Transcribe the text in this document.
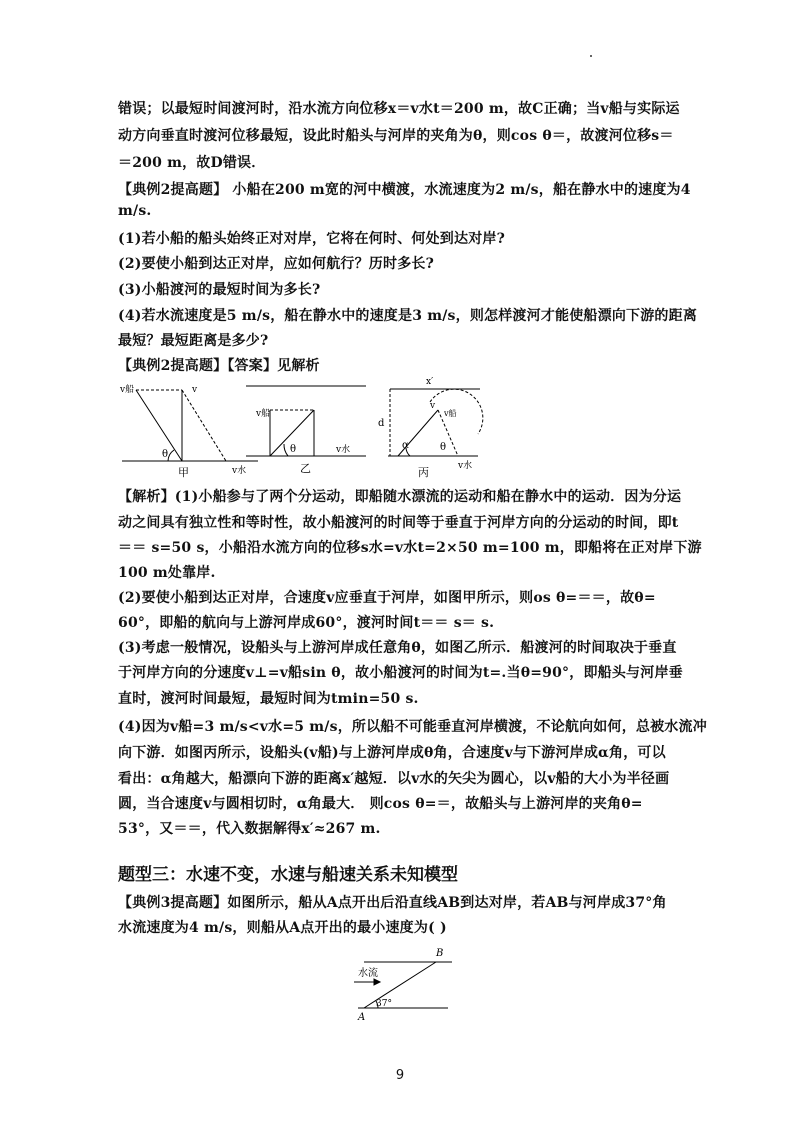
错误；以最短时间渡河时，沿水流方向位移x＝v水t＝200 m，故C正确；当v船与实际运
动方向垂直时渡河位移最短，设此时船头与河岸的夹角为θ，则cos θ＝，故渡河位移s＝
＝200 m，故D错误．
【典例2提高题】 小船在200 m宽的河中横渡，水流速度为2 m/s，船在静水中的速度为4
m/s.
(1)若小船的船头始终正对对岸，它将在何时、何处到达对岸?
(2)要使小船到达正对岸，应如何航行？历时多长?
(3)小船渡河的最短时间为多长?
(4)若水流速度是5 m/s，船在静水中的速度是3 m/s，则怎样渡河才能使船漂向下游的距离
最短？最短距离是多少?
【典例2提高题】【答案】见解析
v船	v
θ
v水
甲
v船
θ	v水
乙
x′
d
v
v船
α	θ
v水
丙
【解析】(1)小船参与了两个分运动，即船随水漂流的运动和船在静水中的运动．因为分运
动之间具有独立性和等时性，故小船渡河的时间等于垂直于河岸方向的分运动的时间，即t
＝＝ s=50 s，小船沿水流方向的位移s水=v水t=2×50 m=100 m，即船将在正对岸下游
100 m处靠岸.
(2)要使小船到达正对岸，合速度v应垂直于河岸，如图甲所示，则os θ=＝＝，故θ=
60°，即船的航向与上游河岸成60°，渡河时间t＝＝ s＝ s.
(3)考虑一般情况，设船头与上游河岸成任意角θ，如图乙所示．船渡河的时间取决于垂直
于河岸方向的分速度v⊥=v船sin θ，故小船渡河的时间为t=.当θ=90°，即船头与河岸垂
直时，渡河时间最短，最短时间为tmin=50 s.
(4)因为v船=3 m/s<v水=5 m/s，所以船不可能垂直河岸横渡，不论航向如何，总被水流冲
向下游．如图丙所示，设船头(v船)与上游河岸成θ角，合速度v与下游河岸成α角，可以
看出：α角越大，船漂向下游的距离x′越短．以v水的矢尖为圆心，以v船的大小为半径画
圆，当合速度v与圆相切时，α角最大． 则cos θ=＝，故船头与上游河岸的夹角θ=
53°，又＝＝，代入数据解得x′≈267 m.
题型三：水速不变，水速与船速关系未知模型
【典例3提高题】如图所示，船从A点开出后沿直线AB到达对岸，若AB与河岸成37°角
水流速度为4 m/s，则船从A点开出的最小速度为( )
B
水流
37°
A
9
